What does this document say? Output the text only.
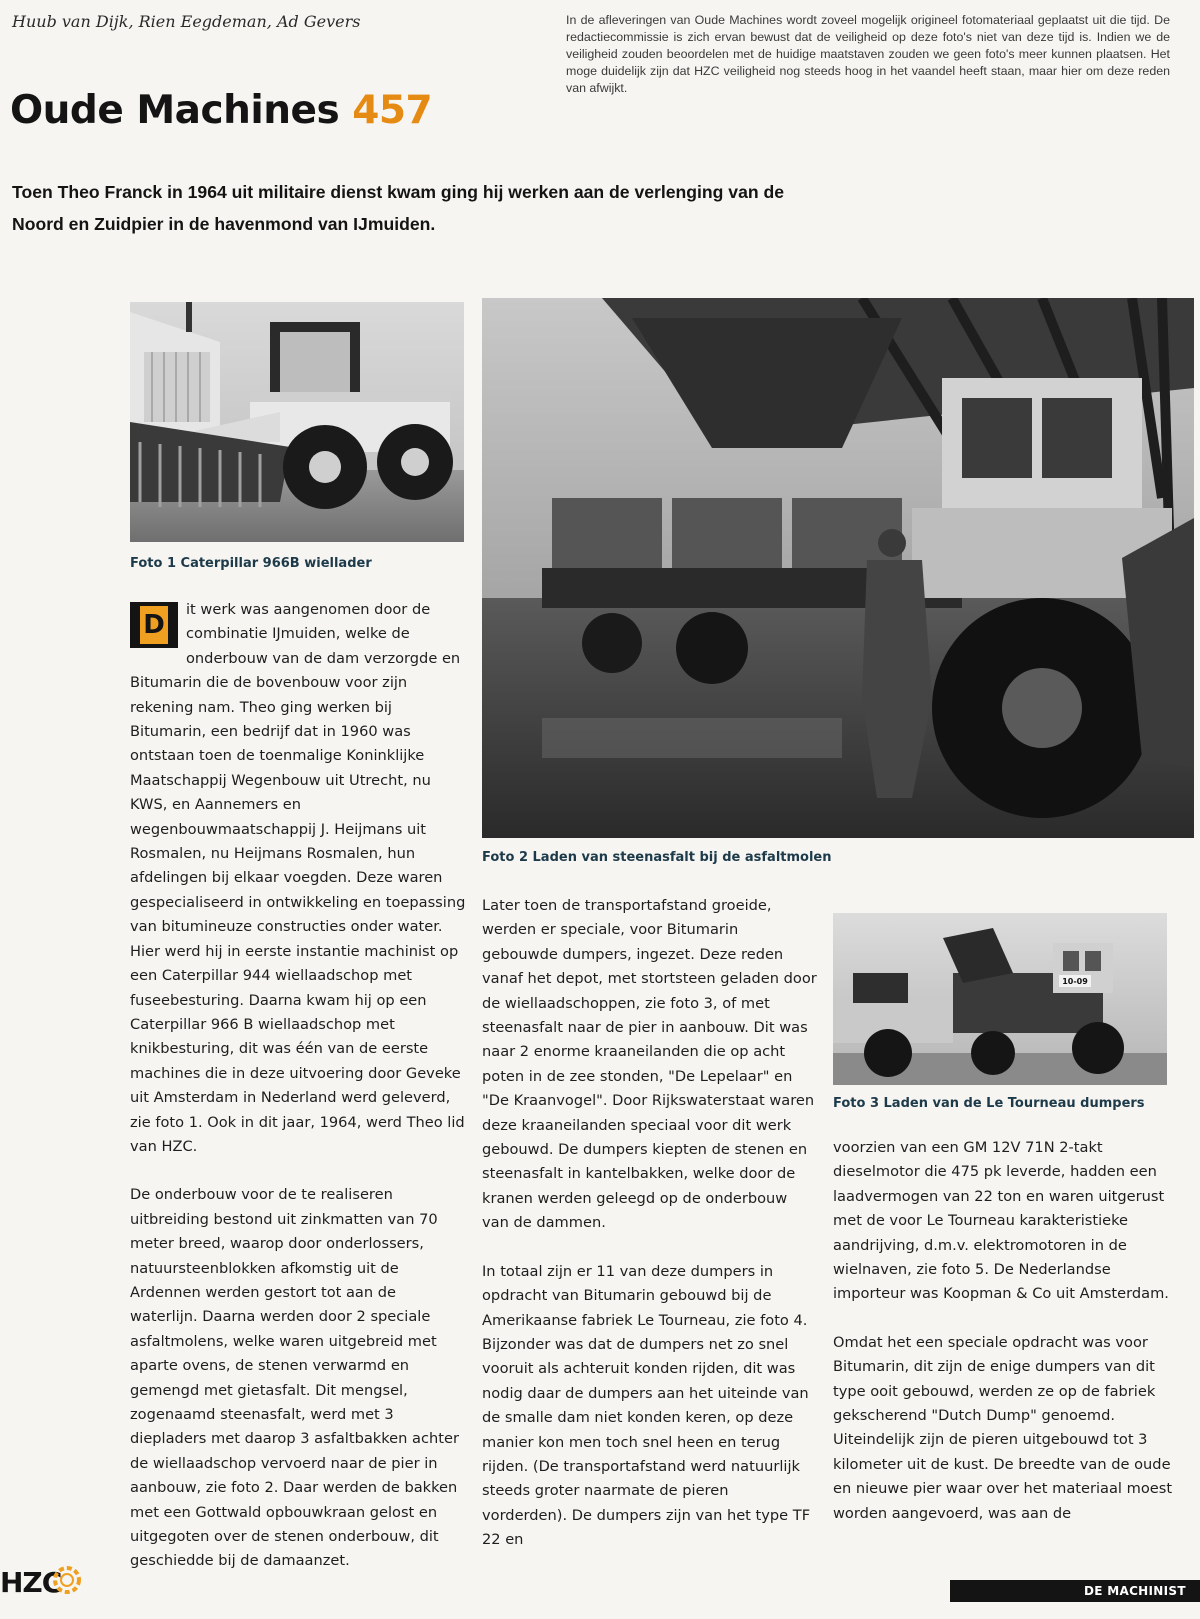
Huub van Dijk, Rien Eegdeman, Ad Gevers	In de afleveringen van Oude Machines wordt zoveel mogelijk origineel fotomateriaal geplaatst uit die tijd. De redactiecommissie is zich ervan bewust dat de veiligheid op deze foto's niet van deze tijd is. Indien we de veiligheid zouden beoordelen met de huidige maatstaven zouden we geen foto's meer kunnen plaatsen. Het moge duidelijk zijn dat HZC veiligheid nog steeds hoog in het vaandel heeft staan, maar hier om deze reden van afwijkt.
Oude Machines 457
Toen Theo Franck in 1964 uit militaire dienst kwam ging hij werken aan de verlenging van de Noord en Zuidpier in de havenmond van IJmuiden.
Foto 1 Caterpillar 966B wiellader
Foto 2 Laden van steenasfalt bij de asfaltmolen
10-09
Foto 3 Laden van de Le Tourneau dumpers

D
it werk was aangenomen door de combinatie IJmuiden, welke de onderbouw van de dam verzorgde en Bitumarin die de bovenbouw voor zijn rekening nam. Theo ging werken bij Bitumarin, een bedrijf dat in 1960 was ontstaan toen de toenmalige Koninklijke Maatschappij Wegenbouw uit Utrecht, nu KWS, en Aannemers en wegenbouwmaatschappij J. Heijmans uit Rosmalen, nu Heijmans Rosmalen, hun afdelingen bij elkaar voegden. Deze waren gespecialiseerd in ontwikkeling en toepassing van bitumineuze constructies onder water. Hier werd hij in eerste instantie machinist op een Caterpillar 944 wiellaadschop met fuseebesturing. Daarna kwam hij op een Caterpillar 966 B wiellaadschop met knikbesturing, dit was één van de eerste machines die in deze uitvoering door Geveke uit Amsterdam in Nederland werd geleverd, zie foto 1. Ook in dit jaar, 1964, werd Theo lid van HZC.

De onderbouw voor de te realiseren uitbreiding bestond uit zinkmatten van 70 meter breed, waarop door onderlossers, natuursteenblokken afkomstig uit de Ardennen werden gestort tot aan de waterlijn. Daarna werden door 2 speciale asfaltmolens, welke waren uitgebreid met aparte ovens, de stenen verwarmd en gemengd met gietasfalt. Dit mengsel, zogenaamd steenasfalt, werd met 3 diepladers met daarop 3 asfaltbakken achter de wiellaadschop vervoerd naar de pier in aanbouw, zie foto 2. Daar werden de bakken met een Gottwald opbouwkraan gelost en uitgegoten over de stenen onderbouw, dit geschiedde bij de damaanzet.

Later toen de transportafstand groeide, werden er speciale, voor Bitumarin gebouwde dumpers, ingezet. Deze reden vanaf het depot, met stortsteen geladen door de wiellaadschoppen, zie foto 3, of met steenasfalt naar de pier in aanbouw. Dit was naar 2 enorme kraaneilanden die op acht poten in de zee stonden, "De Lepelaar" en "De Kraanvogel". Door Rijkswaterstaat waren deze kraaneilanden speciaal voor dit werk gebouwd. De dumpers kiepten de stenen en steenasfalt in kantelbakken, welke door de kranen werden geleegd op de onderbouw van de dammen.

In totaal zijn er 11 van deze dumpers in opdracht van Bitumarin gebouwd bij de Amerikaanse fabriek Le Tourneau, zie foto 4. Bijzonder was dat de dumpers net zo snel vooruit als achteruit konden rijden, dit was nodig daar de dumpers aan het uiteinde van de smalle dam niet konden keren, op deze manier kon men toch snel heen en terug rijden. (De transportafstand werd natuurlijk steeds groter naarmate de pieren vorderden). De dumpers zijn van het type TF 22 en

voorzien van een GM 12V 71N 2-takt dieselmotor die 475 pk leverde, hadden een laadvermogen van 22 ton en waren uitgerust met de voor Le Tourneau karakteristieke aandrijving, d.m.v. elektromotoren in de wielnaven, zie foto 5. De Nederlandse importeur was Koopman & Co uit Amsterdam.

Omdat het een speciale opdracht was voor Bitumarin, dit zijn de enige dumpers van dit type ooit gebouwd, werden ze op de fabriek gekscherend "Dutch Dump" genoemd. Uiteindelijk zijn de pieren uitgebouwd tot 3 kilometer uit de kust. De breedte van de oude en nieuwe pier waar over het materiaal moest worden aangevoerd, was aan de

HZC	DE MACHINIST
